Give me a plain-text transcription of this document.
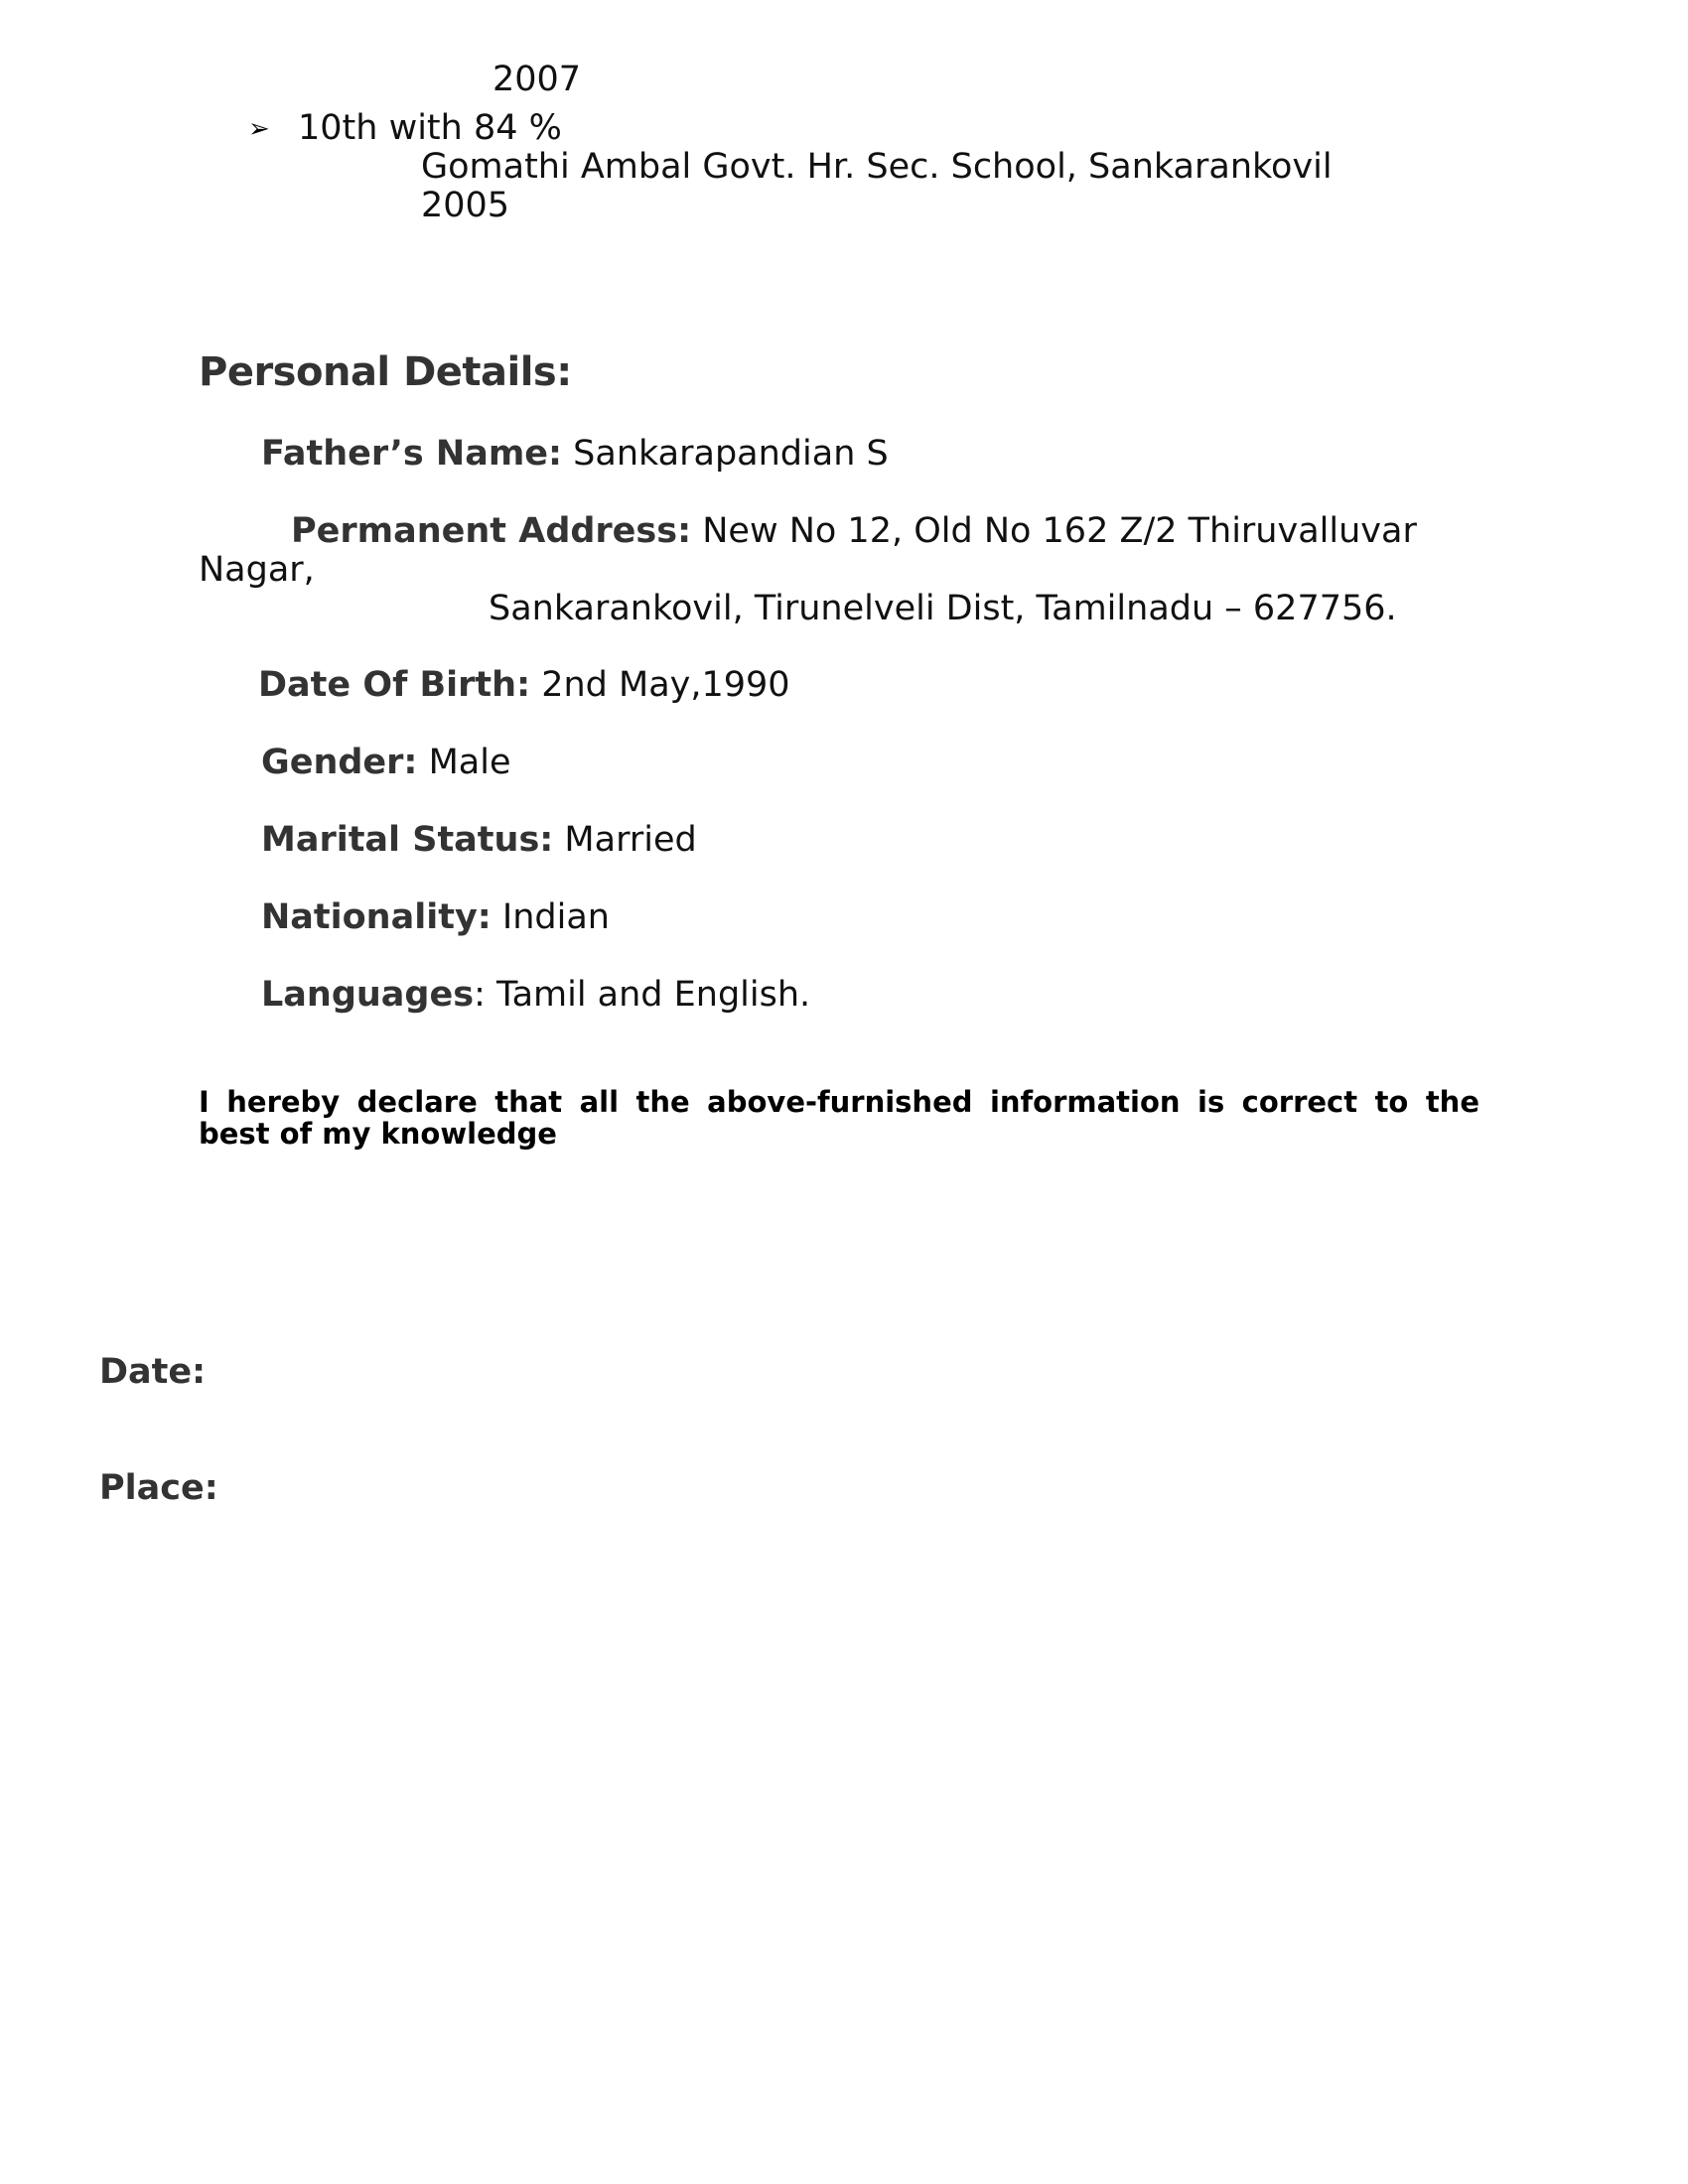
2007
➢ 10th with 84 %
Gomathi Ambal Govt. Hr. Sec. School, Sankarankovil
2005
Personal Details:
Father’s Name: Sankarapandian S
Permanent Address: New No 12, Old No 162 Z/2 Thiruvalluvar
Nagar,
Sankarankovil, Tirunelveli Dist, Tamilnadu – 627756.
Date Of Birth: 2nd May,1990
Gender: Male
Marital Status: Married
Nationality: Indian
Languages: Tamil and English.
I hereby declare that all the above-furnished information is correct to the best of my knowledge
Date:
Place:
